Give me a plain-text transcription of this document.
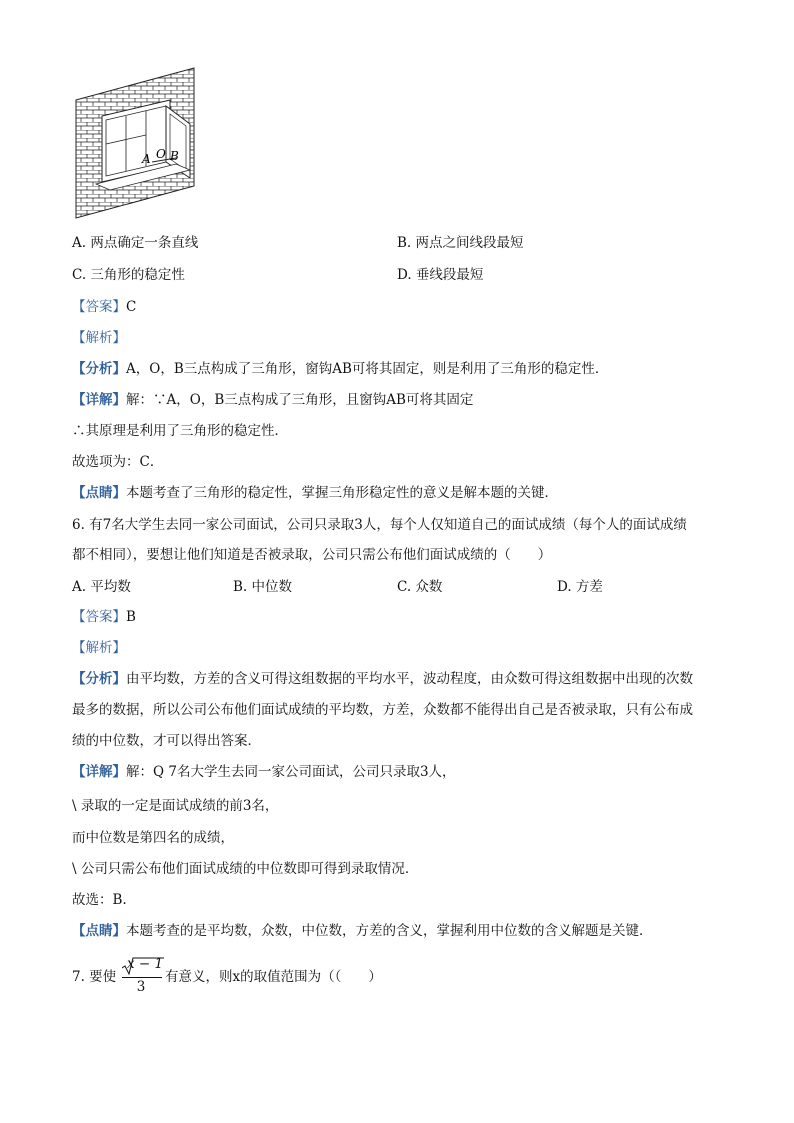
A O B
A. 两点确定一条直线	B. 两点之间线段最短
C. 三角形的稳定性	D. 垂线段最短
【答案】C
【解析】
【分析】A，O，B三点构成了三角形，窗钩AB可将其固定，则是利用了三角形的稳定性．
【详解】解：∵A，O，B三点构成了三角形，且窗钩AB可将其固定
∴其原理是利用了三角形的稳定性．
故选项为：C．
【点睛】本题考查了三角形的稳定性，掌握三角形稳定性的意义是解本题的关键．
6. 有7名大学生去同一家公司面试，公司只录取3人，每个人仅知道自己的面试成绩（每个人的面试成绩
都不相同），要想让他们知道是否被录取，公司只需公布他们面试成绩的（　　）
A. 平均数	B. 中位数	C. 众数	D. 方差
【答案】B
【解析】
【分析】由平均数，方差的含义可得这组数据的平均水平，波动程度，由众数可得这组数据中出现的次数
最多的数据，所以公司公布他们面试成绩的平均数，方差，众数都不能得出自己是否被录取，只有公布成
绩的中位数，才可以得出答案．
【详解】解：Q 7名大学生去同一家公司面试，公司只录取3人，
\ 录取的一定是面试成绩的前3名，
而中位数是第四名的成绩，
\ 公司只需公布他们面试成绩的中位数即可得到录取情况．
故选：B.
【点睛】本题考查的是平均数，众数，中位数，方差的含义，掌握利用中位数的含义解题是关键．
7. 要使
x − 1
3
有意义，则x的取值范围为（（　　）
